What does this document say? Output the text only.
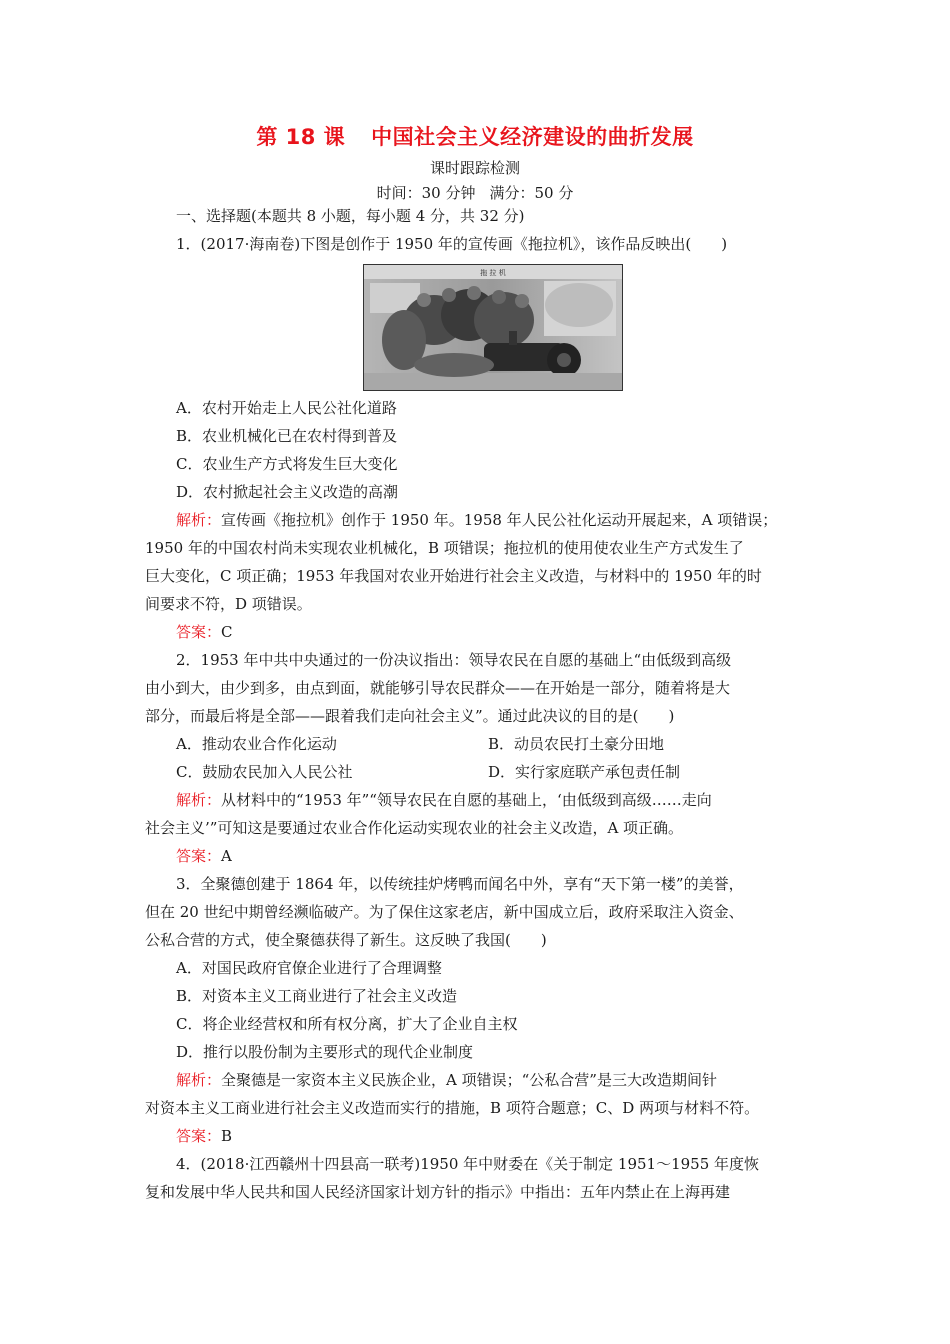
第 18 课 中国社会主义经济建设的曲折发展
课时跟踪检测
时间：30 分钟 满分：50 分
一、选择题(本题共 8 小题，每小题 4 分，共 32 分)
1．(2017·海南卷)下图是创作于 1950 年的宣传画《拖拉机》，该作品反映出(　　)
拖 拉 机
A．农村开始走上人民公社化道路
B．农业机械化已在农村得到普及
C．农业生产方式将发生巨大变化
D．农村掀起社会主义改造的高潮
解析：宣传画《拖拉机》创作于 1950 年。1958 年人民公社化运动开展起来，A 项错误；
1950 年的中国农村尚未实现农业机械化，B 项错误；拖拉机的使用使农业生产方式发生了
巨大变化，C 项正确；1953 年我国对农业开始进行社会主义改造，与材料中的 1950 年的时
间要求不符，D 项错误。
答案：C
2．1953 年中共中央通过的一份决议指出：领导农民在自愿的基础上“由低级到高级
由小到大，由少到多，由点到面，就能够引导农民群众——在开始是一部分，随着将是大
部分，而最后将是全部——跟着我们走向社会主义”。通过此决议的目的是(　　)
A．推动农业合作化运动	B．动员农民打土豪分田地
C．鼓励农民加入人民公社	D．实行家庭联产承包责任制
解析：从材料中的“1953 年”“领导农民在自愿的基础上，‘由低级到高级……走向
社会主义’”可知这是要通过农业合作化运动实现农业的社会主义改造，A 项正确。
答案：A
3．全聚德创建于 1864 年，以传统挂炉烤鸭而闻名中外，享有“天下第一楼”的美誉，
但在 20 世纪中期曾经濒临破产。为了保住这家老店，新中国成立后，政府采取注入资金、
公私合营的方式，使全聚德获得了新生。这反映了我国(　　)
A．对国民政府官僚企业进行了合理调整
B．对资本主义工商业进行了社会主义改造
C．将企业经营权和所有权分离，扩大了企业自主权
D．推行以股份制为主要形式的现代企业制度
解析：全聚德是一家资本主义民族企业，A 项错误；“公私合营”是三大改造期间针
对资本主义工商业进行社会主义改造而实行的措施，B 项符合题意；C、D 两项与材料不符。
答案：B
4．(2018·江西赣州十四县高一联考)1950 年中财委在《关于制定 1951～1955 年度恢
复和发展中华人民共和国人民经济国家计划方针的指示》中指出：五年内禁止在上海再建
